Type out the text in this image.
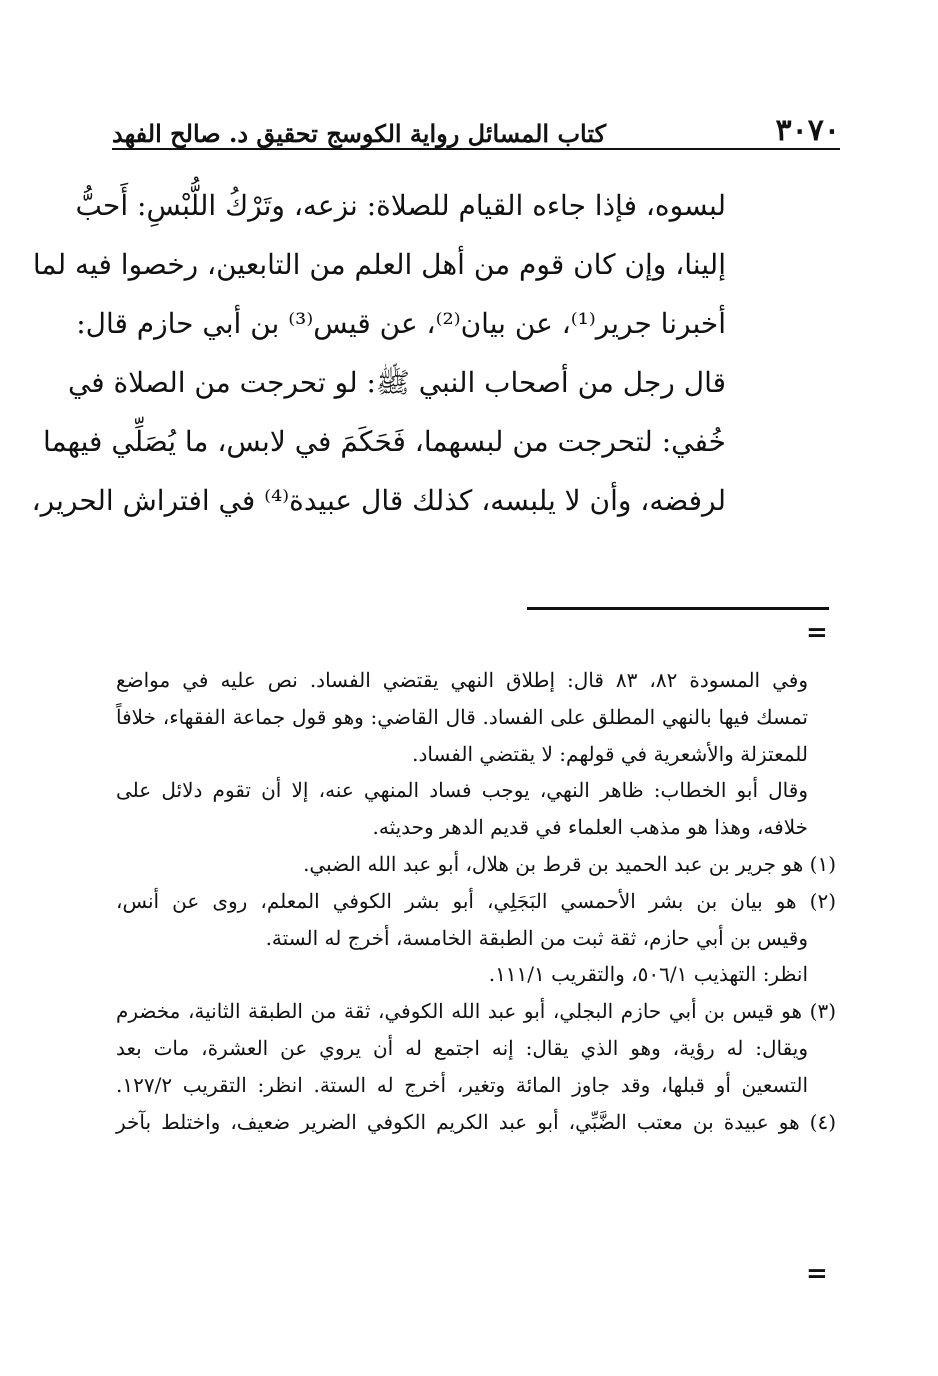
٣٠٧٠
كتاب المسائل رواية الكوسج تحقيق د. صالح الفهد
لبسوه، فإذا جاءه القيام للصلاة: نزعه، وتَرْكُ اللُّبْسِ: أَحبُّ
إلينا، وإن كان قوم من أهل العلم من التابعين، رخصوا فيه لما
أخبرنا جرير⁽¹⁾، عن بيان⁽²⁾، عن قيس⁽³⁾ بن أبي حازم قال:
قال رجل من أصحاب النبي ﷺ: لو تحرجت من الصلاة في
خُفي: لتحرجت من لبسهما، فَحَكَمَ في لابس، ما يُصَلِّي فيهما
لرفضه، وأن لا يلبسه، كذلك قال عبيدة⁽⁴⁾ في افتراش الحرير،
=
وفي المسودة ٨٢، ٨٣ قال: إطلاق النهي يقتضي الفساد. نص عليه في مواضع
تمسك فيها بالنهي المطلق على الفساد. قال القاضي: وهو قول جماعة الفقهاء، خلافاً
للمعتزلة والأشعرية في قولهم: لا يقتضي الفساد.
وقال أبو الخطاب: ظاهر النهي، يوجب فساد المنهي عنه، إلا أن تقوم دلائل على
خلافه، وهذا هو مذهب العلماء في قديم الدهر وحديثه.
(١) هو جرير بن عبد الحميد بن قرط بن هلال، أبو عبد الله الضبي.
(٢) هو بيان بن بشر الأحمسي البَجَلِي، أبو بشر الكوفي المعلم، روى عن أنس،
وقيس بن أبي حازم، ثقة ثبت من الطبقة الخامسة، أخرج له الستة.
انظر: التهذيب ٥٠٦/١، والتقريب ١١١/١.
(٣) هو قيس بن أبي حازم البجلي، أبو عبد الله الكوفي، ثقة من الطبقة الثانية، مخضرم
ويقال: له رؤية، وهو الذي يقال: إنه اجتمع له أن يروي عن العشرة، مات بعد
التسعين أو قبلها، وقد جاوز المائة وتغير، أخرج له الستة. انظر: التقريب ١٢٧/٢.
(٤) هو عبيدة بن معتب الضَّبِّي، أبو عبد الكريم الكوفي الضرير ضعيف، واختلط بآخر
=
